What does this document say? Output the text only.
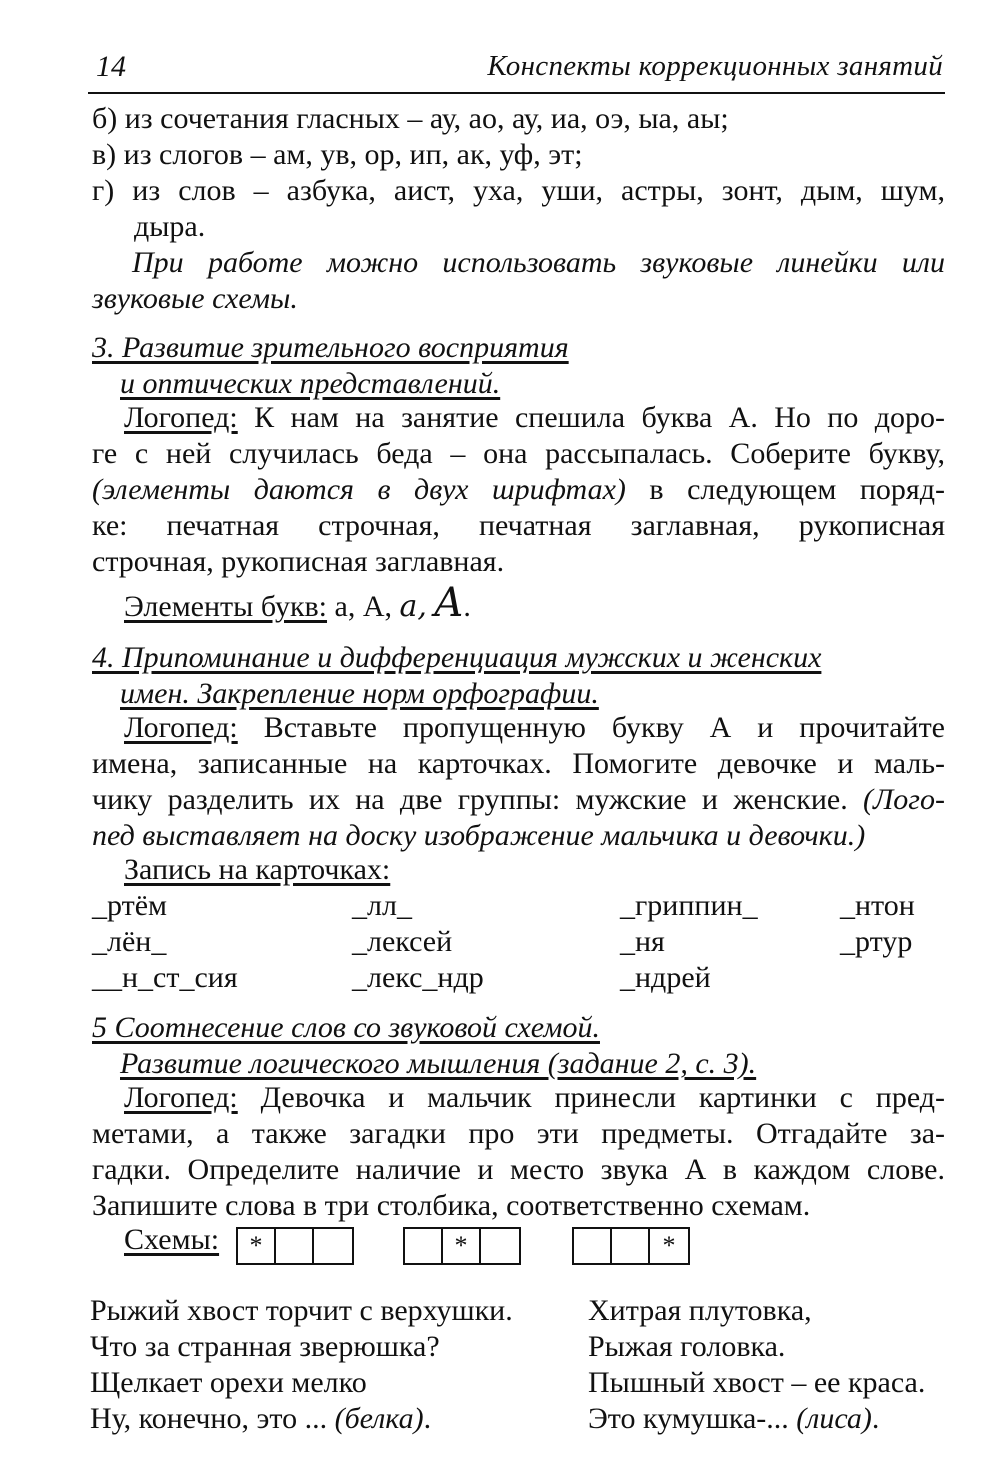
14	Конспекты коррекционных занятий
б) из сочетания гласных – ау, ао, ау, иа, оэ, ыа, аы;
в) из слогов – ам, ув, ор, ип, ак, уф, эт;
г) из слов – азбука, аист, уха, уши, астры, зонт, дым, шум,
дыра.
При работе можно использовать звуковые линейки или
звуковые схемы.
3. Развитие зрительного восприятия
и оптических представлений.
Логопед: К нам на занятие спешила буква А. Но по доро-
ге с ней случилась беда – она рассыпалась. Соберите букву,
(элементы даются в двух шрифтах) в следующем поряд-
ке: печатная строчная, печатная заглавная, рукописная
строчная, рукописная заглавная.
Элементы букв: а, А, a, A.
4. Припоминание и дифференциация мужских и женских
имен. Закрепление норм орфографии.
Логопед: Вставьте пропущенную букву А и прочитайте
имена, записанные на карточках. Помогите девочке и маль-
чику разделить их на две группы: мужские и женские. (Лого-
пед выставляет на доску изображение мальчика и девочки.)
Запись на карточках:
_ртём	_лл_	_гриппин_	_нтон
_лён_	_лексей	_ня	_ртур
__н_ст_сия	_лекс_ндр	_ндрей
5 Соотнесение слов со звуковой схемой.
Развитие логического мышления (задание 2, с. 3).
Логопед: Девочка и мальчик принесли картинки с пред-
метами, а также загадки про эти предметы. Отгадайте за-
гадки. Определите наличие и место звука А в каждом слове.
Запишите слова в три столбика, соответственно схемам.
Схемы:	*	*	*
Рыжий хвост торчит с верхушки.
Что за странная зверюшка?
Щелкает орехи мелко
Ну, конечно, это ... (белка).
Хитрая плутовка,
Рыжая головка.
Пышный хвост – ее краса.
Это кумушка-... (лиса).
